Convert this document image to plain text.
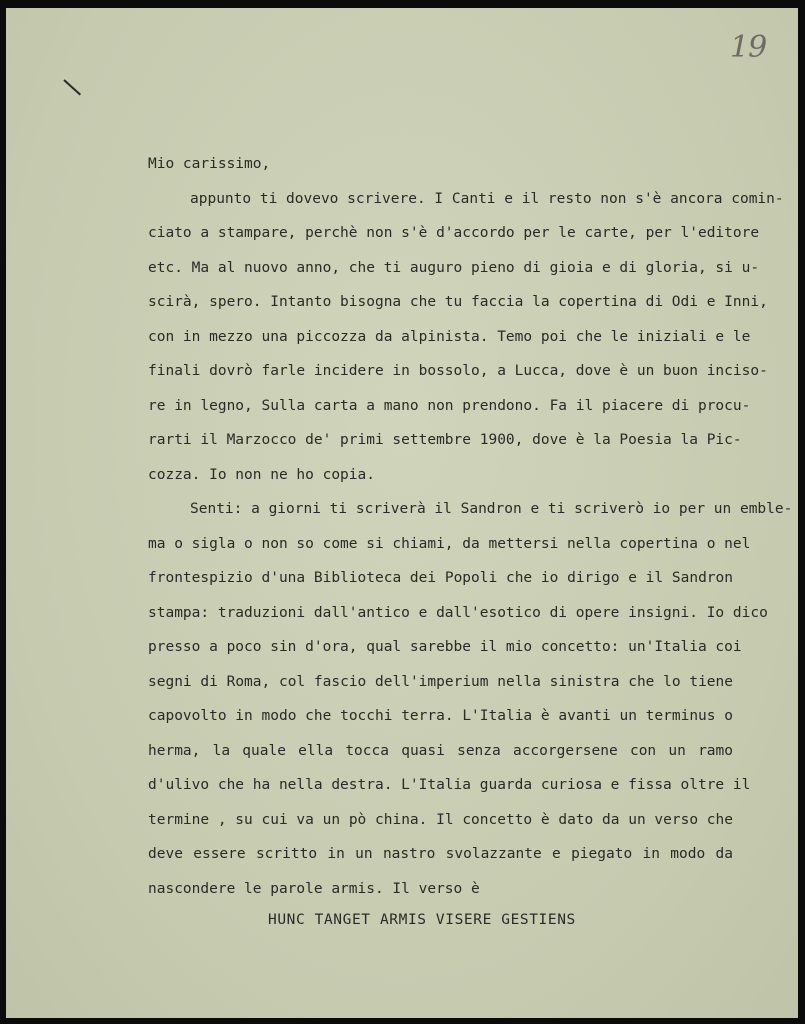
19
Mio carissimo,
appunto ti dovevo scrivere. I Canti e il resto non s'è ancora comin-
ciato a stampare, perchè non s'è d'accordo per le carte, per l'editore
etc. Ma al nuovo anno, che ti auguro pieno di gioia e di gloria, si u-
scirà, spero. Intanto bisogna che tu faccia la copertina di Odi e Inni,
con in mezzo una piccozza da alpinista. Temo poi che le iniziali e le
finali dovrò farle incidere in bossolo, a Lucca, dove è un buon inciso-
re in legno, Sulla carta a mano non prendono. Fa il piacere di procu-
rarti il Marzocco de' primi settembre 1900, dove è la Poesia la Pic-
cozza. Io non ne ho copia.
Senti: a giorni ti scriverà il Sandron e ti scriverò io per un emble-
ma o sigla o non so come si chiami, da mettersi nella copertina o nel
frontespizio d'una Biblioteca dei Popoli che io dirigo e il Sandron
stampa: traduzioni dall'antico e dall'esotico di opere insigni. Io dico
presso a poco sin d'ora, qual sarebbe il mio concetto: un'Italia coi
segni di Roma, col fascio dell'imperium nella sinistra che lo tiene
capovolto in modo che tocchi terra. L'Italia è avanti un terminus o
herma, la quale ella tocca quasi senza accorgersene con un ramo
d'ulivo che ha nella destra. L'Italia guarda curiosa e fissa oltre il
termine , su cui va un pò china. Il concetto è dato da un verso che
deve essere scritto in un nastro svolazzante e piegato in modo da
nascondere le parole armis. Il verso è
HUNC TANGET ARMIS VISERE GESTIENS
